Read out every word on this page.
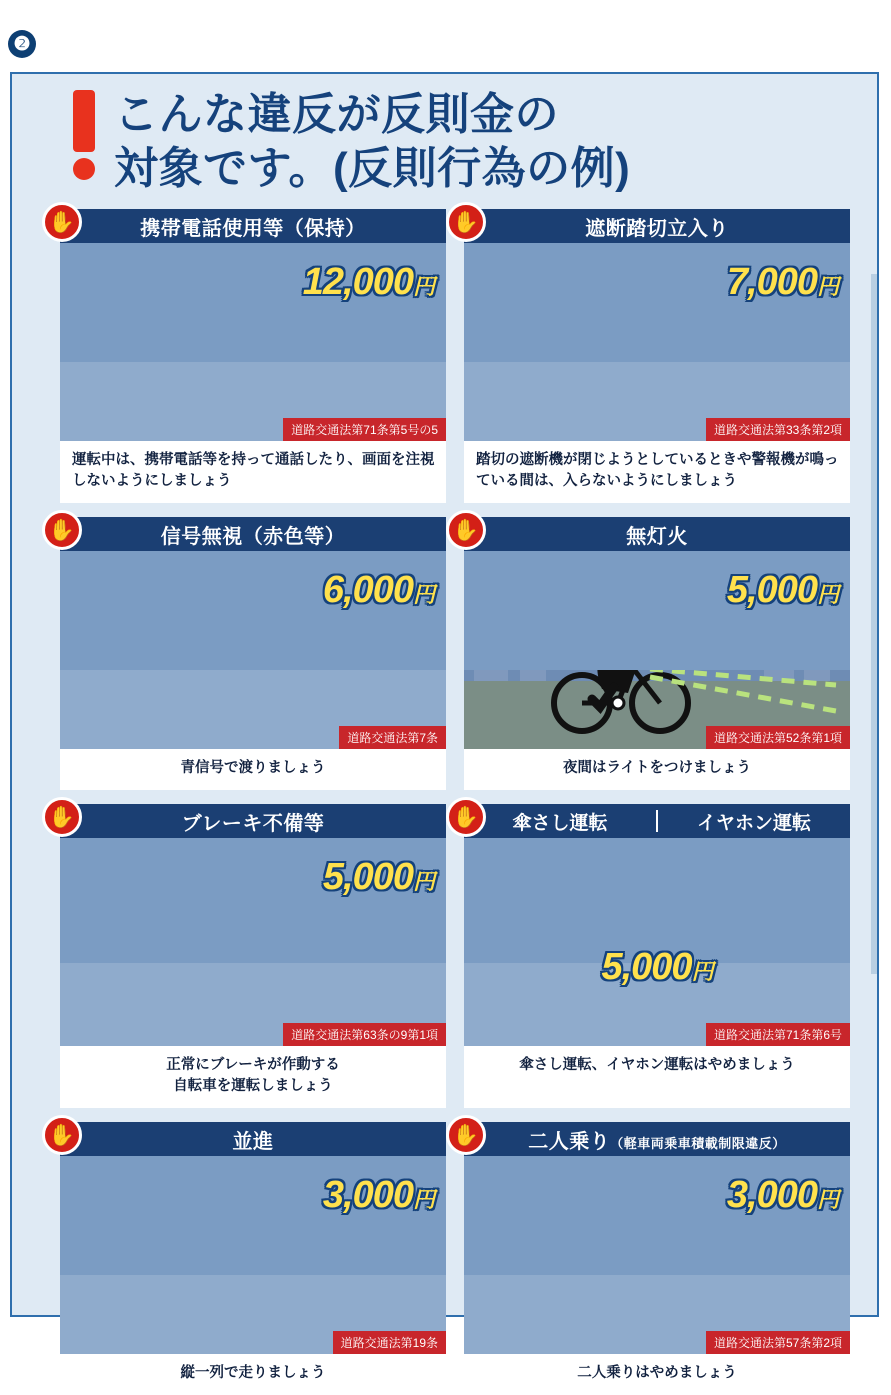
❷
こんな違反が反則金の
対象です。(反則行為の例)
✋	携帯電話使用等（保持）
12,000円
道路交通法第71条第5号の5
運転中は、携帯電話等を持って通話したり、画面を注視しないようにしましょう
✋	遮断踏切立入り
7,000円
道路交通法第33条第2項
踏切の遮断機が閉じようとしているときや警報機が鳴っている間は、入らないようにしましょう
✋	信号無視（赤色等）
6,000円
道路交通法第7条
青信号で渡りましょう
✋	無灯火
5,000円
道路交通法第52条第1項
夜間はライトをつけましょう
✋	ブレーキ不備等
5,000円
道路交通法第63条の9第1項
正常にブレーキが作動する
自転車を運転しましょう
✋	傘さし運転	イヤホン運転
5,000円
道路交通法第71条第6号
傘さし運転、イヤホン運転はやめましょう
✋	並進
3,000円
道路交通法第19条
縦一列で走りましょう
✋	二人乗り（軽車両乗車積載制限違反）
3,000円
道路交通法第57条第2項
二人乗りはやめましょう
